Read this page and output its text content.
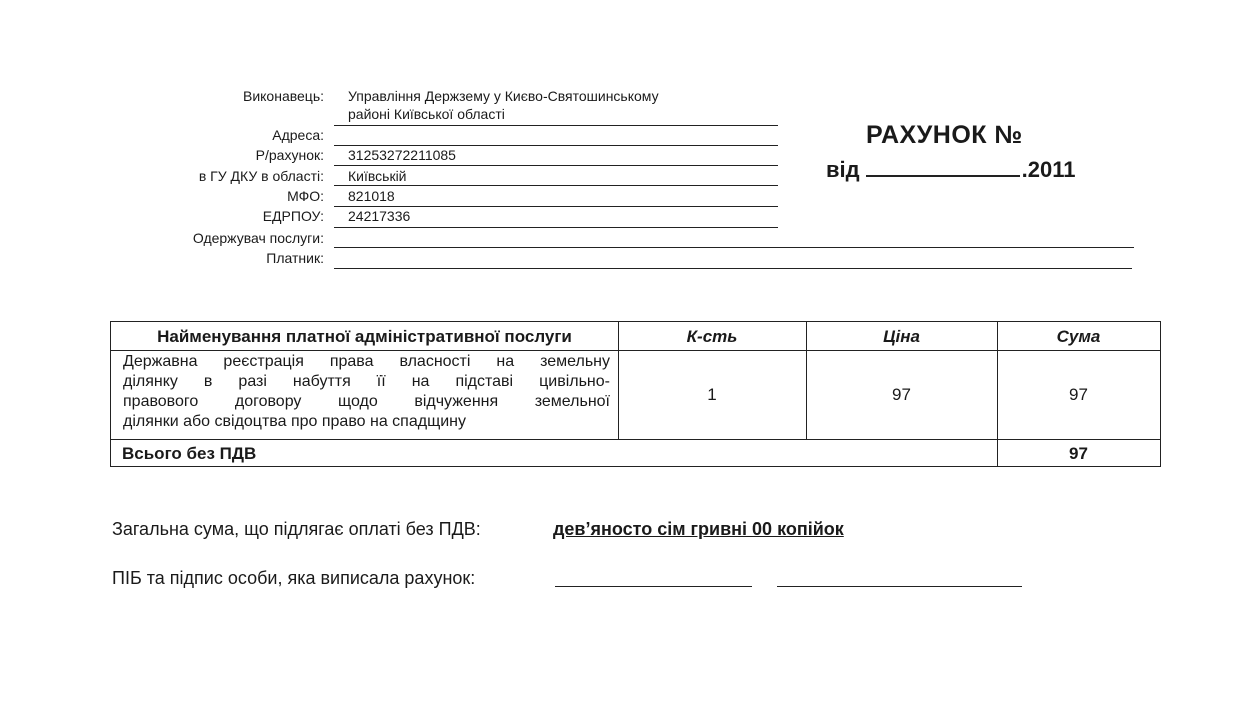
Виконавець: Управління Держзему у Києво-Святошинському
районі Київської області
Адреса:
Р/рахунок: 31253272211085
в ГУ ДКУ в області: Київській
МФО: 821018
ЕДРПОУ: 24217336
Одержувач послуги:
Платник:
РАХУНОК №
від	.2011
Найменування платної адміністративної послуги	К-сть	Ціна	Сума
Державна реєстрація права власності на земельну
ділянку в разі набуття її на підставі цивільно-
правового договору щодо відчуження земельної
ділянки або свідоцтва про право на спадщину
1	97	97
Всього без ПДВ	97
Загальна сума, що підлягає оплаті без ПДВ:	дев’яносто сім гривні 00 копійок
ПІБ та підпис особи, яка виписала рахунок:
